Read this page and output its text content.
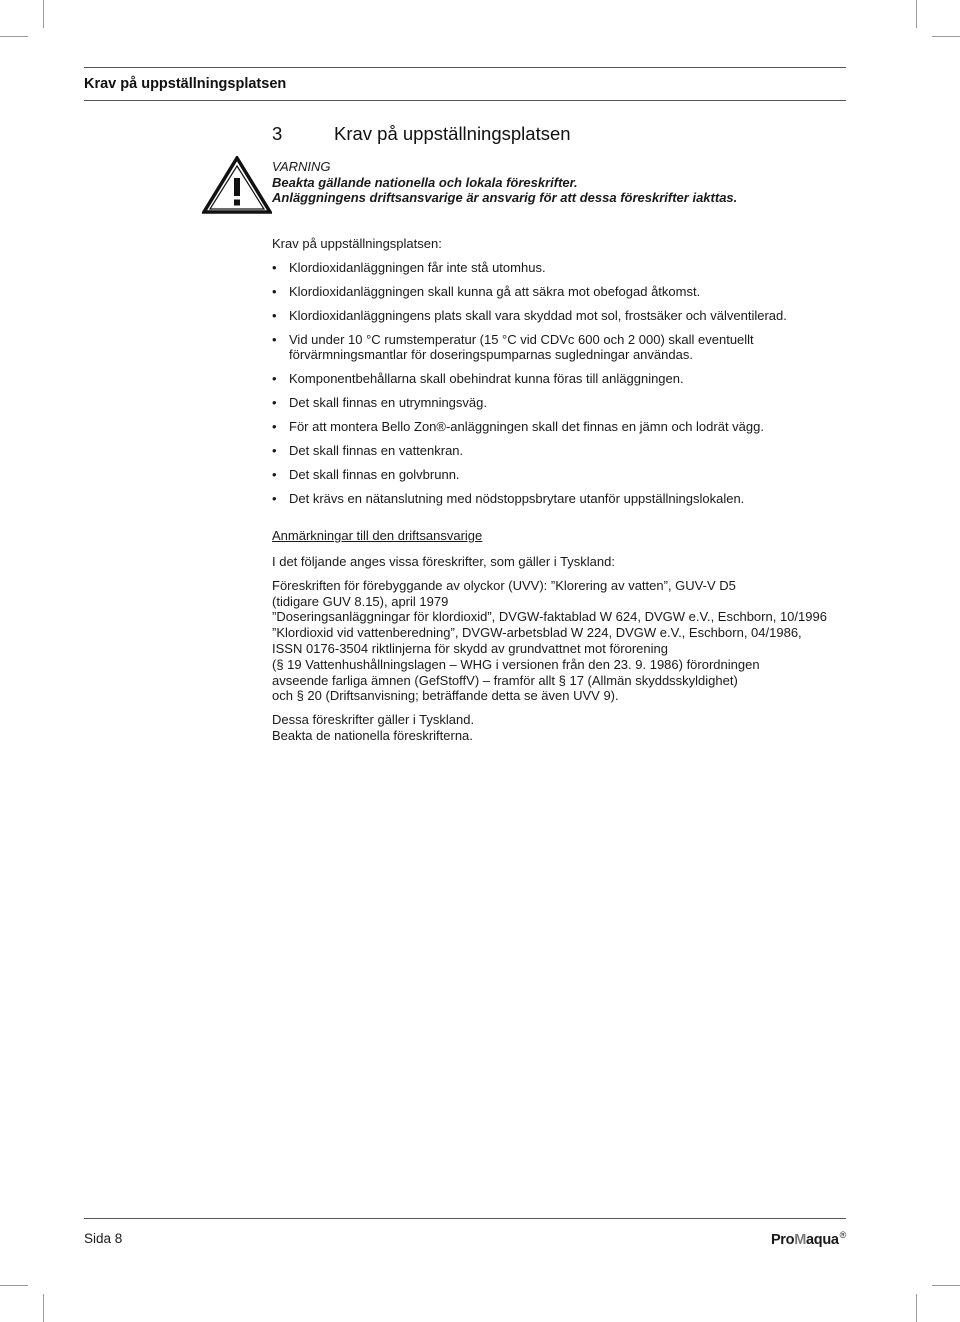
Krav på uppställningsplatsen
3	Krav på uppställningsplatsen
VARNING
Beakta gällande nationella och lokala föreskrifter.
Anläggningens driftsansvarige är ansvarig för att dessa föreskrifter iakttas.
Krav på uppställningsplatsen:
• Klordioxidanläggningen får inte stå utomhus.
• Klordioxidanläggningen skall kunna gå att säkra mot obefogad åtkomst.
• Klordioxidanläggningens plats skall vara skyddad mot sol, frostsäker och välventilerad.
• Vid under 10 °C rumstemperatur (15 °C vid CDVc 600 och 2 000) skall eventuellt förvärmningsmantlar för doseringspumparnas sugledningar användas.
• Komponentbehållarna skall obehindrat kunna föras till anläggningen.
• Det skall finnas en utrymningsväg.
• För att montera Bello Zon®-anläggningen skall det finnas en jämn och lodrät vägg.
• Det skall finnas en vattenkran.
• Det skall finnas en golvbrunn.
• Det krävs en nätanslutning med nödstoppsbrytare utanför uppställningslokalen.
Anmärkningar till den driftsansvarige

I det följande anges vissa föreskrifter, som gäller i Tyskland:

Föreskriften för förebyggande av olyckor (UVV): ”Klorering av vatten”, GUV-V D5
(tidigare GUV 8.15), april 1979
”Doseringsanläggningar för klordioxid”, DVGW-faktablad W 624, DVGW e.V., Eschborn, 10/1996
”Klordioxid vid vattenberedning”, DVGW-arbetsblad W 224, DVGW e.V., Eschborn, 04/1986,
ISSN 0176-3504 riktlinjerna för skydd av grundvattnet mot förorening
(§ 19 Vattenhushållningslagen – WHG i versionen från den 23. 9. 1986) förordningen
avseende farliga ämnen (GefStoffV) – framför allt § 17 (Allmän skyddsskyldighet)
och § 20 (Driftsanvisning; beträffande detta se även UVV 9).

Dessa föreskrifter gäller i Tyskland.
Beakta de nationella föreskrifterna.

Sida 8	ProMaqua®
